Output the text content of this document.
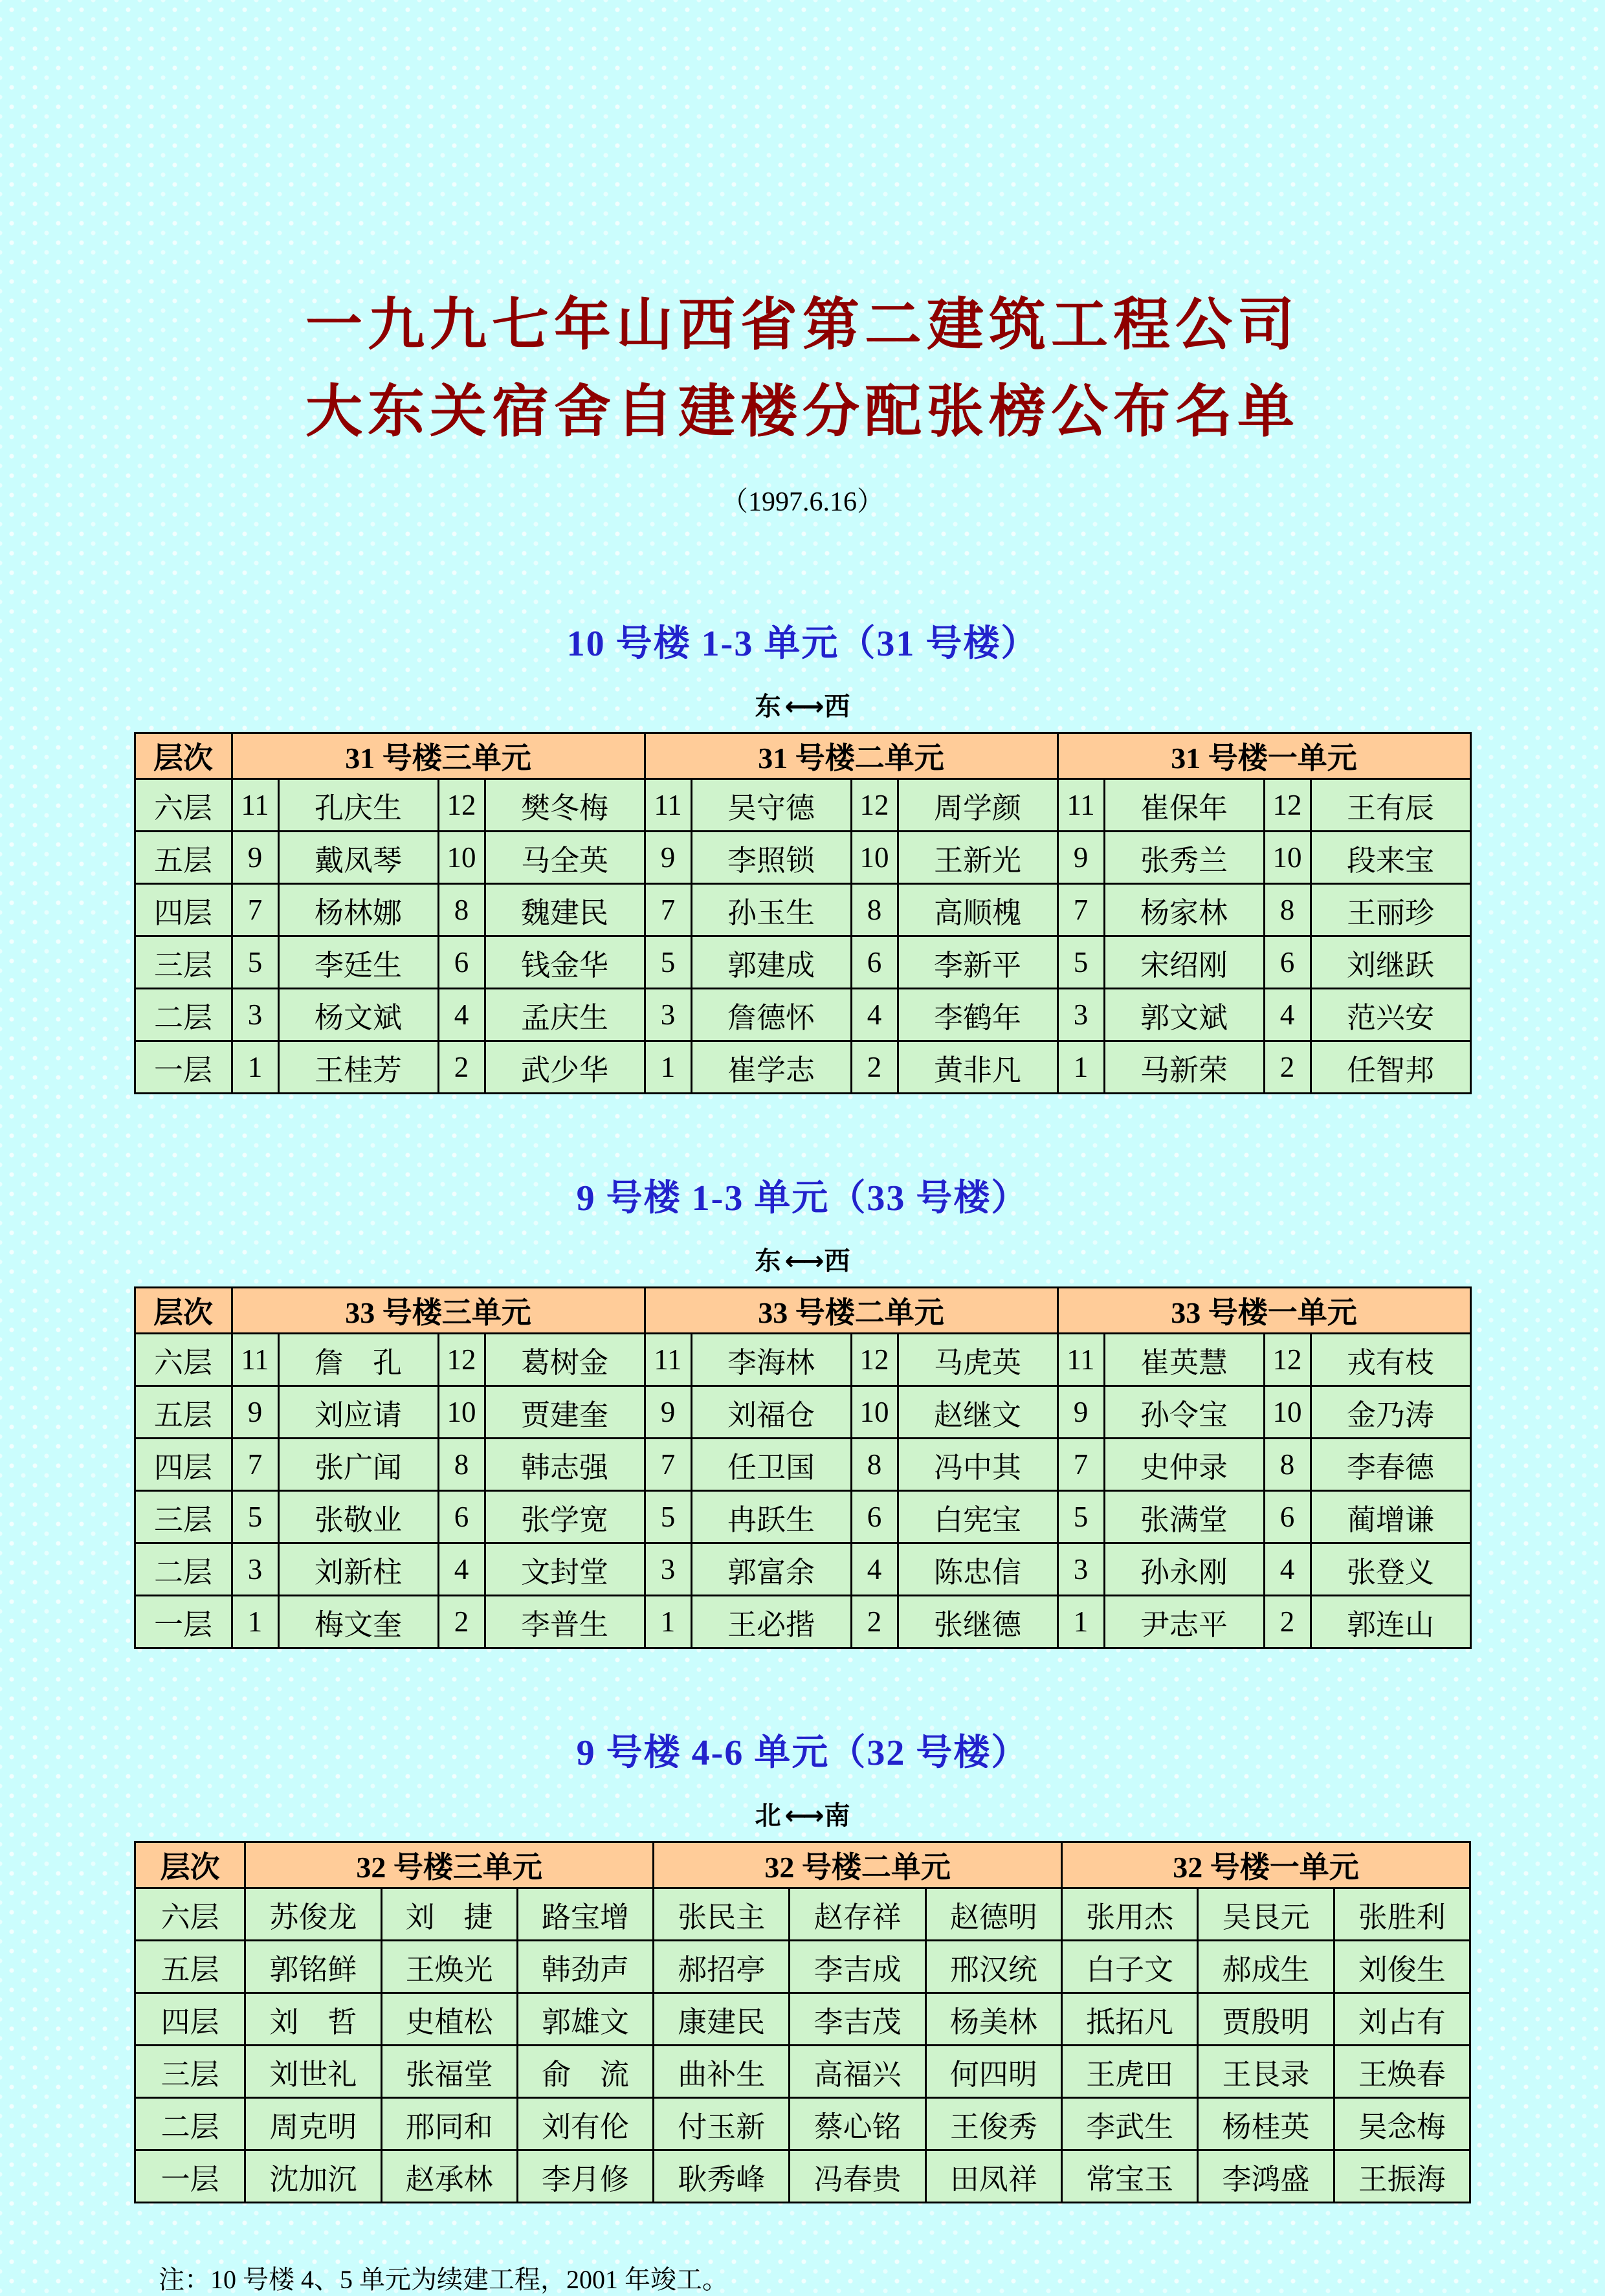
一九九七年山西省第二建筑工程公司
大东关宿舍自建楼分配张榜公布名单
（1997.6.16）
10 号楼 1-3 单元（31 号楼）
东 ←→ 西
层次	31 号楼三单元				31 号楼二单元				31 号楼一单元			
六层	11	孔庆生	12	樊冬梅	11	吴守德	12	周学颜	11	崔保年	12	王有辰
五层	9	戴凤琴	10	马全英	9	李照锁	10	王新光	9	张秀兰	10	段来宝
四层	7	杨林娜	8	魏建民	7	孙玉生	8	高顺槐	7	杨家林	8	王丽珍
三层	5	李廷生	6	钱金华	5	郭建成	6	李新平	5	宋绍刚	6	刘继跃
二层	3	杨文斌	4	孟庆生	3	詹德怀	4	李鹤年	3	郭文斌	4	范兴安
一层	1	王桂芳	2	武少华	1	崔学志	2	黄非凡	1	马新荣	2	任智邦
9 号楼 1-3 单元（33 号楼）
东 ←→ 西
层次	33 号楼三单元				33 号楼二单元				33 号楼一单元			
六层	11	詹　孔	12	葛树金	11	李海林	12	马虎英	11	崔英慧	12	戎有枝
五层	9	刘应请	10	贾建奎	9	刘福仓	10	赵继文	9	孙令宝	10	金乃涛
四层	7	张广闻	8	韩志强	7	任卫国	8	冯中其	7	史仲录	8	李春德
三层	5	张敬业	6	张学宽	5	冉跃生	6	白宪宝	5	张满堂	6	蔺增谦
二层	3	刘新柱	4	文封堂	3	郭富余	4	陈忠信	3	孙永刚	4	张登义
一层	1	梅文奎	2	李普生	1	王必揩	2	张继德	1	尹志平	2	郭连山
9 号楼 4-6 单元（32 号楼）
北 ←→ 南
层次	32 号楼三单元			32 号楼二单元			32 号楼一单元		
六层	苏俊龙	刘　捷	路宝增	张民主	赵存祥	赵德明	张用杰	吴艮元	张胜利
五层	郭铭鲜	王焕光	韩劲声	郝招亭	李吉成	邢汉统	白子文	郝成生	刘俊生
四层	刘　哲	史植松	郭雄文	康建民	李吉茂	杨美林	抵拓凡	贾殷明	刘占有
三层	刘世礼	张福堂	俞　流	曲补生	高福兴	何四明	王虎田	王艮录	王焕春
二层	周克明	邢同和	刘有伦	付玉新	蔡心铭	王俊秀	李武生	杨桂英	吴念梅
一层	沈加沉	赵承林	李月修	耿秀峰	冯春贵	田凤祥	常宝玉	李鸿盛	王振海
注：10 号楼 4、5 单元为续建工程，2001 年竣工。
